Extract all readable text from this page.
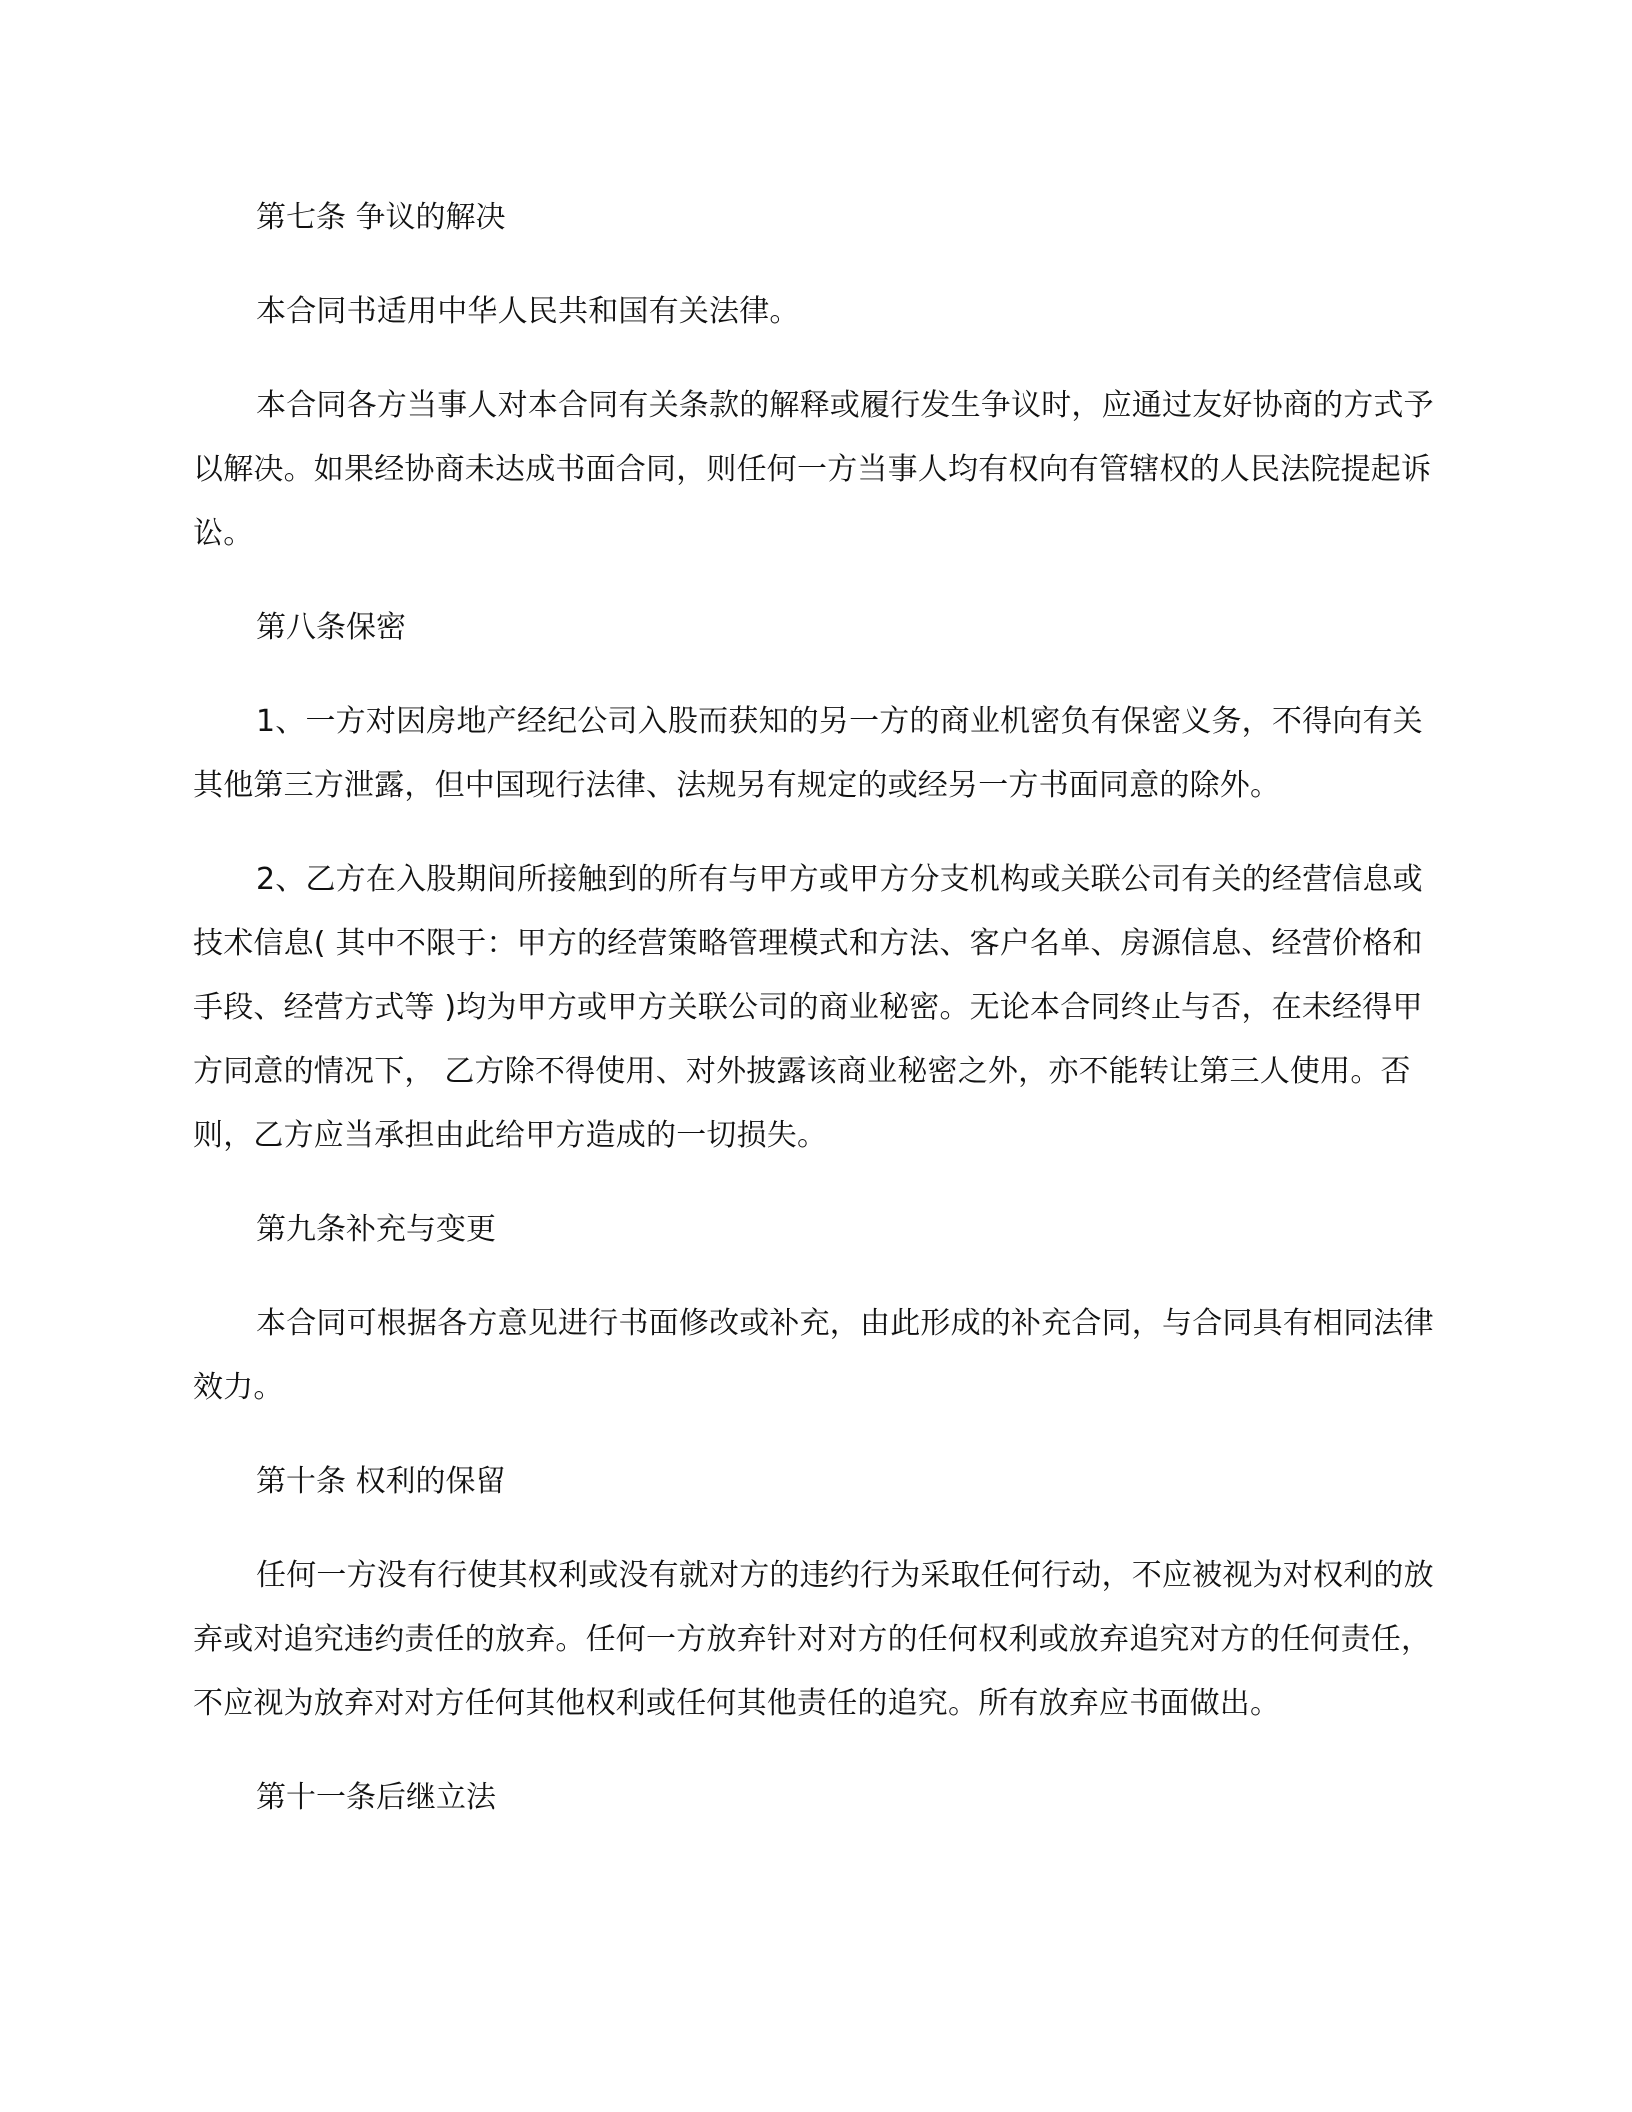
第七条 争议的解决
本合同书适用中华人民共和国有关法律。
本合同各方当事人对本合同有关条款的解释或履行发生争议时，应通过友好协商的方式予以解决。如果经协商未达成书面合同，则任何一方当事人均有权向有管辖权的人民法院提起诉讼。
第八条保密
1、一方对因房地产经纪公司入股而获知的另一方的商业机密负有保密义务，不得向有关其他第三方泄露，但中国现行法律、法规另有规定的或经另一方书面同意的除外。
2、乙方在入股期间所接触到的所有与甲方或甲方分支机构或关联公司有关的经营信息或技术信息( 其中不限于：甲方的经营策略管理模式和方法、客户名单、房源信息、经营价格和手段、经营方式等 )均为甲方或甲方关联公司的商业秘密。无论本合同终止与否，在未经得甲方同意的情况下， 乙方除不得使用、对外披露该商业秘密之外，亦不能转让第三人使用。否则，乙方应当承担由此给甲方造成的一切损失。
第九条补充与变更
本合同可根据各方意见进行书面修改或补充，由此形成的补充合同，与合同具有相同法律效力。
第十条 权利的保留
任何一方没有行使其权利或没有就对方的违约行为采取任何行动，不应被视为对权利的放弃或对追究违约责任的放弃。任何一方放弃针对对方的任何权利或放弃追究对方的任何责任，不应视为放弃对对方任何其他权利或任何其他责任的追究。所有放弃应书面做出。
第十一条后继立法
